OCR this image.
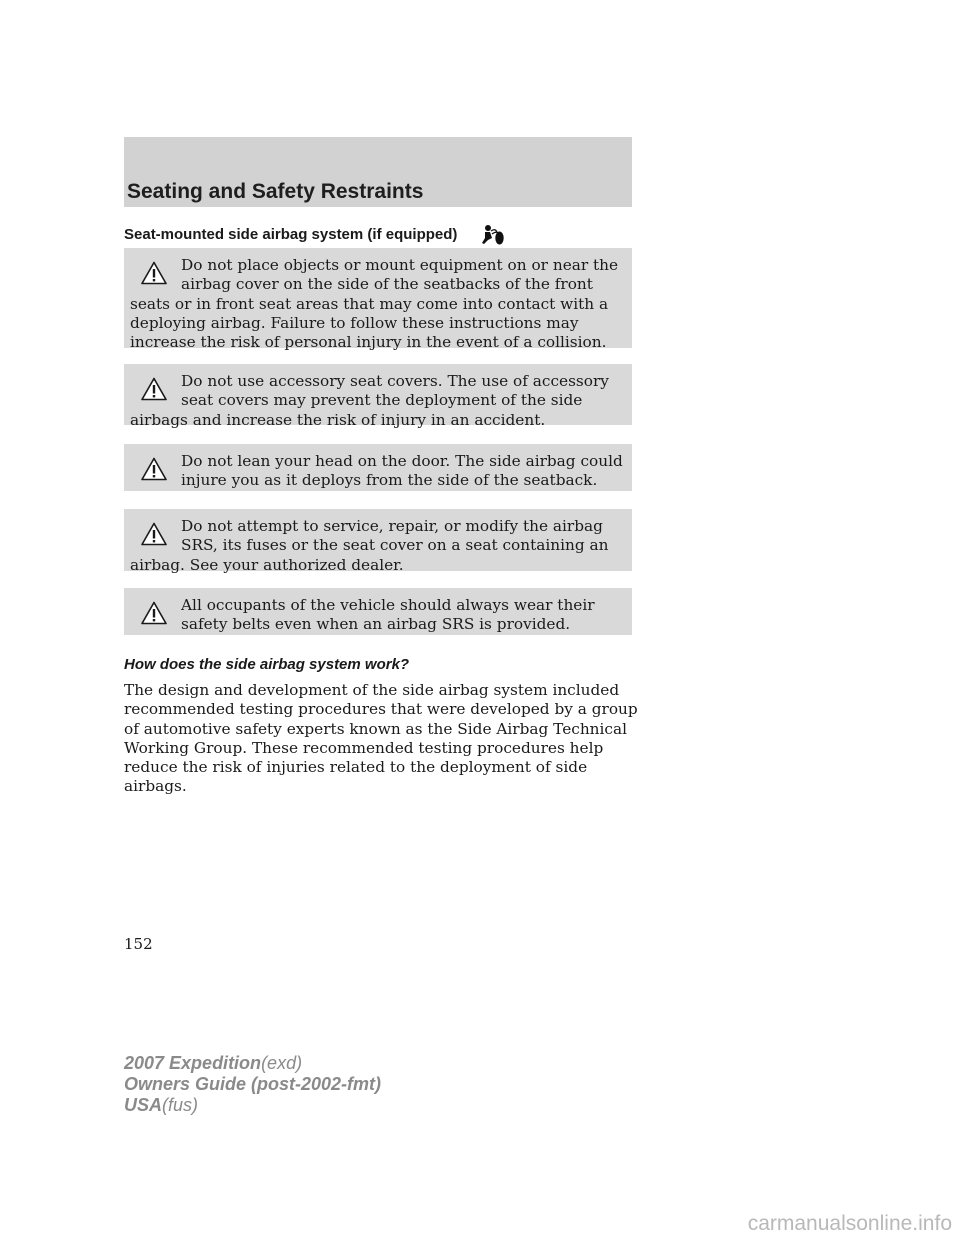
Seating and Safety Restraints
Seat-mounted side airbag system (if equipped)
Do not place objects or mount equipment on or near the airbag cover on the side of the seatbacks of the front seats or in front seat areas that may come into contact with a deploying airbag. Failure to follow these instructions may increase the risk of personal injury in the event of a collision.
Do not use accessory seat covers. The use of accessory seat covers may prevent the deployment of the side airbags and increase the risk of injury in an accident.
Do not lean your head on the door. The side airbag could injure you as it deploys from the side of the seatback.
Do not attempt to service, repair, or modify the airbag SRS, its fuses or the seat cover on a seat containing an airbag. See your authorized dealer.
All occupants of the vehicle should always wear their safety belts even when an airbag SRS is provided.
How does the side airbag system work?
The design and development of the side airbag system included recommended testing procedures that were developed by a group of automotive safety experts known as the Side Airbag Technical Working Group. These recommended testing procedures help reduce the risk of injuries related to the deployment of side airbags.
152
2007 Expedition(exd)
Owners Guide (post-2002-fmt)
USA(fus)
carmanualsonline.info
